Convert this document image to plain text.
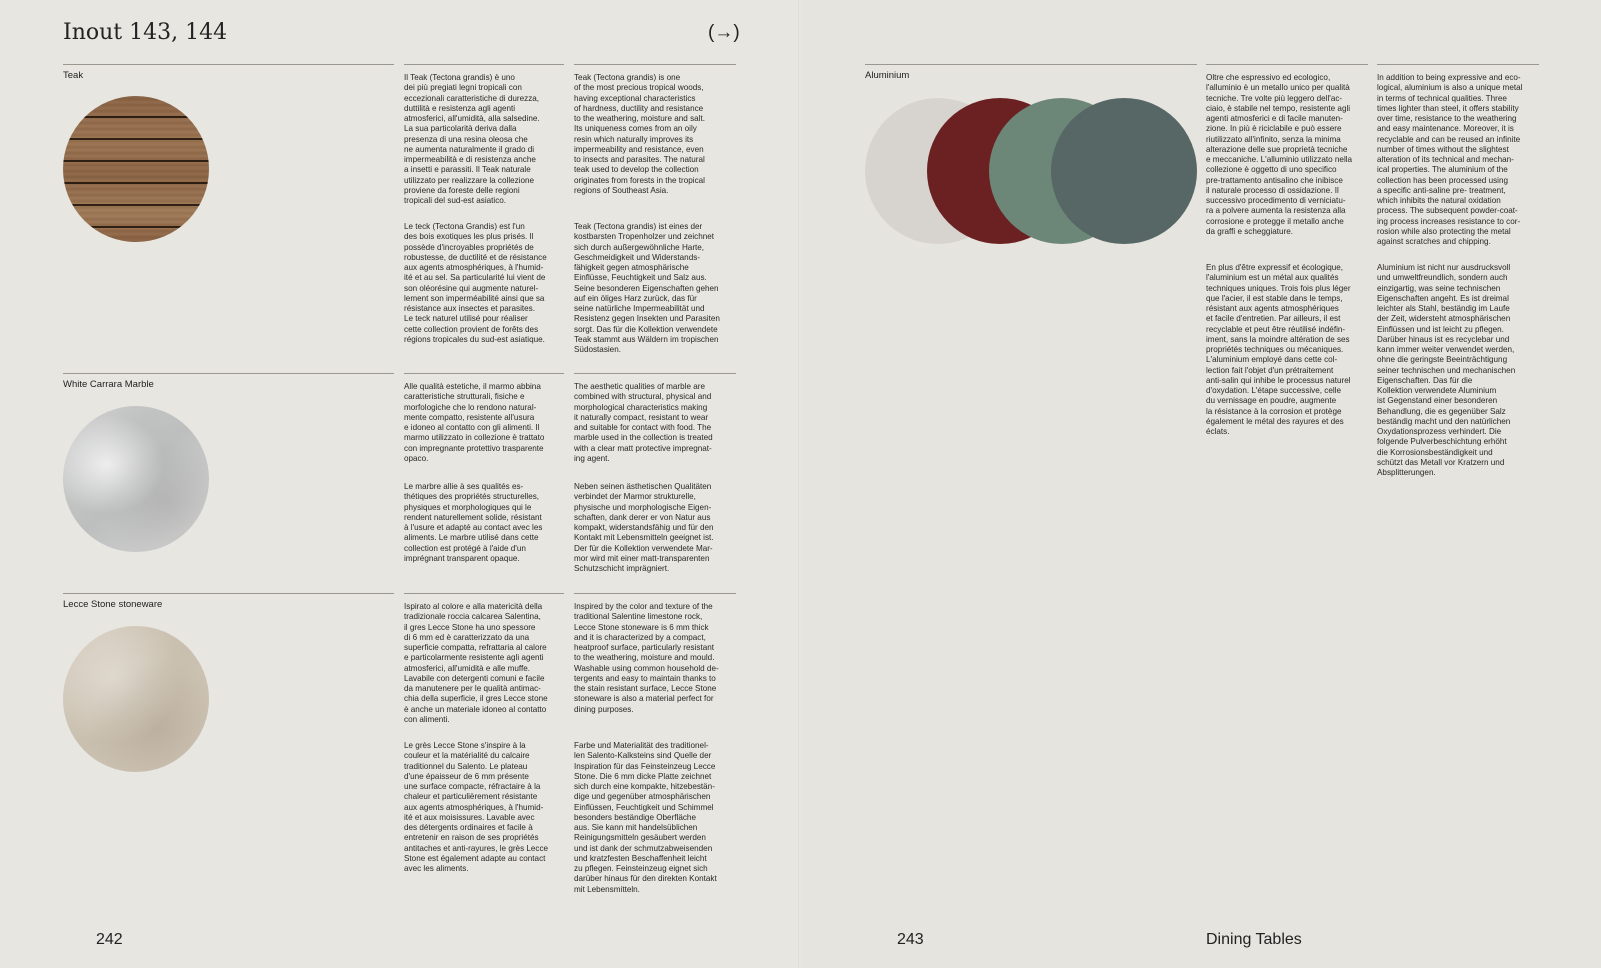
Inout 143, 144	(→)
Teak	Il Teak (Tectona grandis) è uno
dei più pregiati legni tropicali con
eccezionali caratteristiche di durezza,
duttilità e resistenza agli agenti
atmosferici, all'umidità, alla salsedine.
La sua particolarità deriva dalla
presenza di una resina oleosa che
ne aumenta naturalmente il grado di
impermeabilità e di resistenza anche
a insetti e parassiti. Il Teak naturale
utilizzato per realizzare la collezione
proviene da foreste delle regioni
tropicali del sud-est asiatico.

Teak (Tectona grandis) is one
of the most precious tropical woods,
having exceptional characteristics
of hardness, ductility and resistance
to the weathering, moisture and salt.
Its uniqueness comes from an oily
resin which naturally improves its
impermeability and resistance, even
to insects and parasites. The natural
teak used to develop the collection
originates from forests in the tropical
regions of Southeast Asia.

Le teck (Tectona Grandis) est l'un
des bois exotiques les plus prisés. Il
possède d'incroyables propriétés de
robustesse, de ductilité et de résistance
aux agents atmosphériques, à l'humid-
ité et au sel. Sa particularité lui vient de
son oléorésine qui augmente naturel-
lement son imperméabilité ainsi que sa
résistance aux insectes et parasites.
Le teck naturel utilisé pour réaliser
cette collection provient de forêts des
régions tropicales du sud-est asiatique.

Teak (Tectona grandis) ist eines der
kostbarsten Tropenholzer und zeichnet
sich durch außergewöhnliche Harte,
Geschmeidigkeit und Widerstands-
fähigkeit gegen atmosphärische
Einflüsse, Feuchtigkeit und Salz aus.
Seine besonderen Eigenschaften gehen
auf ein öliges Harz zurück, das für
seine natürliche Impermeabilität und
Resistenz gegen Insekten und Parasiten
sorgt. Das für die Kollektion verwendete
Teak stammt aus Wäldern im tropischen
Südostasien.

White Carrara Marble	Alle qualità estetiche, il marmo abbina
caratteristiche strutturali, fisiche e
morfologiche che lo rendono natural-
mente compatto, resistente all'usura
e idoneo al contatto con gli alimenti. Il
marmo utilizzato in collezione è trattato
con impregnante protettivo trasparente
opaco.

The aesthetic qualities of marble are
combined with structural, physical and
morphological characteristics making
it naturally compact, resistant to wear
and suitable for contact with food. The
marble used in the collection is treated
with a clear matt protective impregnat-
ing agent.

Le marbre allie à ses qualités es-
thétiques des propriétés structurelles,
physiques et morphologiques qui le
rendent naturellement solide, résistant
à l'usure et adapté au contact avec les
aliments. Le marbre utilisé dans cette
collection est protégé à l'aide d'un
imprégnant transparent opaque.

Neben seinen ästhetischen Qualitäten
verbindet der Marmor strukturelle,
physische und morphologische Eigen-
schaften, dank derer er von Natur aus
kompakt, widerstandsfähig und für den
Kontakt mit Lebensmitteln geeignet ist.
Der für die Kollektion verwendete Mar-
mor wird mit einer matt-transparenten
Schutzschicht imprägniert.

Lecce Stone stoneware	Ispirato al colore e alla matericità della
tradizionale roccia calcarea Salentina,
il gres Lecce Stone ha uno spessore
di 6 mm ed è caratterizzato da una
superficie compatta, refrattaria al calore
e particolarmente resistente agli agenti
atmosferici, all'umidità e alle muffe.
Lavabile con detergenti comuni e facile
da manutenere per le qualità antimac-
chia della superficie, il gres Lecce stone
è anche un materiale idoneo al contatto
con alimenti.

Inspired by the color and texture of the
traditional Salentine limestone rock,
Lecce Stone stoneware is 6 mm thick
and it is characterized by a compact,
heatproof surface, particularly resistant
to the weathering, moisture and mould.
Washable using common household de-
tergents and easy to maintain thanks to
the stain resistant surface, Lecce Stone
stoneware is also a material perfect for
dining purposes.

Le grès Lecce Stone s'inspire à la
couleur et la matérialité du calcaire
traditionnel du Salento. Le plateau
d'une épaisseur de 6 mm présente
une surface compacte, réfractaire à la
chaleur et particulièrement résistante
aux agents atmosphériques, à l'humid-
ité et aux moisissures. Lavable avec
des détergents ordinaires et facile à
entretenir en raison de ses propriétés
antitaches et anti-rayures, le grès Lecce
Stone est également adapte au contact
avec les aliments.

Farbe und Materialität des traditionel-
len Salento-Kalksteins sind Quelle der
Inspiration für das Feinsteinzeug Lecce
Stone. Die 6 mm dicke Platte zeichnet
sich durch eine kompakte, hitzebestän-
dige und gegenüber atmosphärischen
Einflüssen, Feuchtigkeit und Schimmel
besonders beständige Oberfläche
aus. Sie kann mit handelsüblichen
Reinigungsmitteln gesäubert werden
und ist dank der schmutzabweisenden
und kratzfesten Beschaffenheit leicht
zu pflegen. Feinsteinzeug eignet sich
darüber hinaus für den direkten Kontakt
mit Lebensmitteln.

242
Aluminium	Oltre che espressivo ed ecologico,
l'alluminio è un metallo unico per qualità
tecniche. Tre volte più leggero dell'ac-
ciaio, è stabile nel tempo, resistente agli
agenti atmosferici e di facile manuten-
zione. In più è riciclabile e può essere
riutilizzato all'infinito, senza la minima
alterazione delle sue proprietà tecniche
e meccaniche. L'alluminio utilizzato nella
collezione è oggetto di uno specifico
pre-trattamento antisalino che inibisce
il naturale processo di ossidazione. Il
successivo procedimento di verniciatu-
ra a polvere aumenta la resistenza alla
corrosione e protegge il metallo anche
da graffi e scheggiature.

In addition to being expressive and eco-
logical, aluminium is also a unique metal
in terms of technical qualities. Three
times lighter than steel, it offers stability
over time, resistance to the weathering
and easy maintenance. Moreover, it is
recyclable and can be reused an infinite
number of times without the slightest
alteration of its technical and mechan-
ical properties. The aluminium of the
collection has been processed using
a specific anti-saline pre- treatment,
which inhibits the natural oxidation
process. The subsequent powder-coat-
ing process increases resistance to cor-
rosion while also protecting the metal
against scratches and chipping.

En plus d'être expressif et écologique,
l'aluminium est un métal aux qualités
techniques uniques. Trois fois plus léger
que l'acier, il est stable dans le temps,
résistant aux agents atmosphériques
et facile d'entretien. Par ailleurs, il est
recyclable et peut être réutilisé indéfin-
iment, sans la moindre altération de ses
propriétés techniques ou mécaniques.
L'aluminium employé dans cette col-
lection fait l'objet d'un prétraitement
anti-salin qui inhibe le processus naturel
d'oxydation. L'étape successive, celle
du vernissage en poudre, augmente
la résistance à la corrosion et protège
également le métal des rayures et des
éclats.

Aluminium ist nicht nur ausdrucksvoll
und umweltfreundlich, sondern auch
einzigartig, was seine technischen
Eigenschaften angeht. Es ist dreimal
leichter als Stahl, beständig im Laufe
der Zeit, widersteht atmosphärischen
Einflüssen und ist leicht zu pflegen.
Darüber hinaus ist es recyclebar und
kann immer weiter verwendet werden,
ohne die geringste Beeinträchtigung
seiner technischen und mechanischen
Eigenschaften. Das für die
Kollektion verwendete Aluminium
ist Gegenstand einer besonderen
Behandlung, die es gegenüber Salz
beständig macht und den natürlichen
Oxydationsprozess verhindert. Die
folgende Pulverbeschichtung erhöht
die Korrosionsbeständigkeit und
schützt das Metall vor Kratzern und
Absplitterungen.

243	Dining Tables
